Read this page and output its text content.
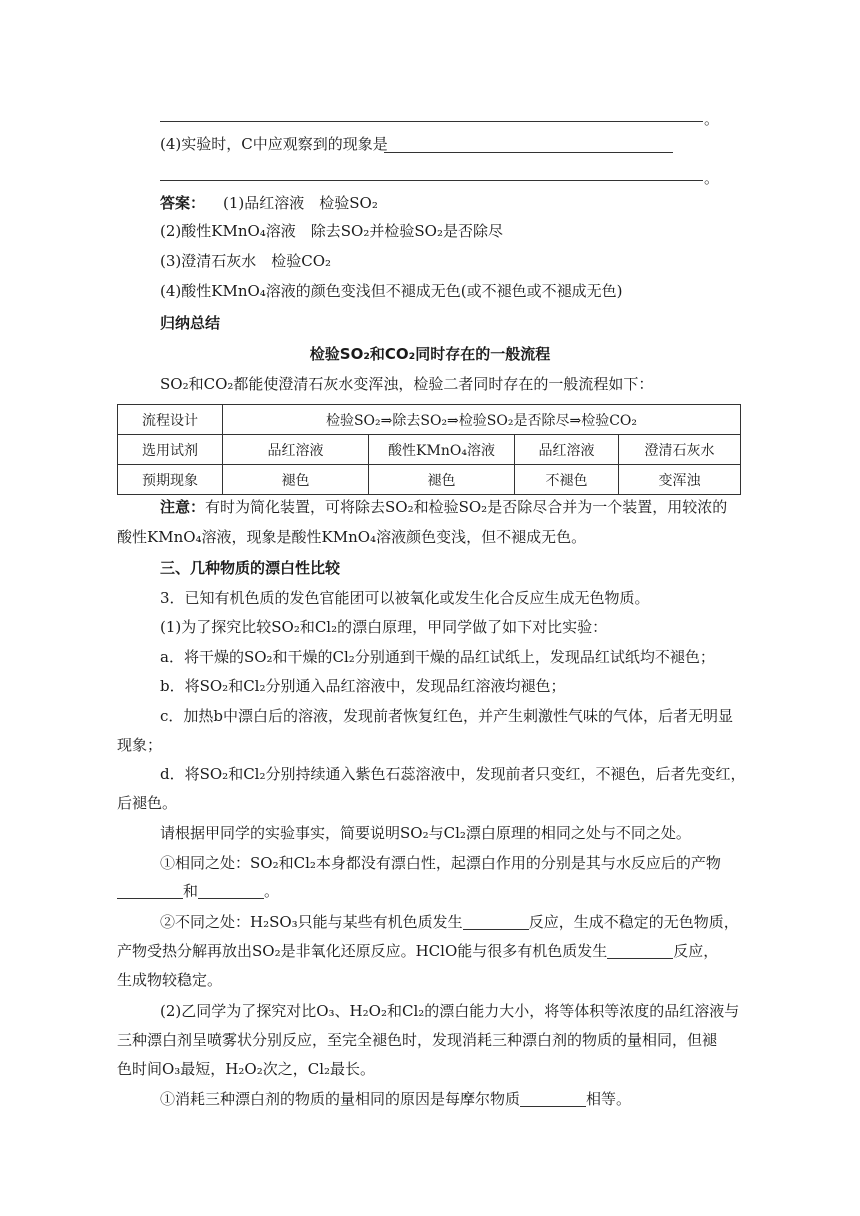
。
(4)实验时，C中应观察到的现象是
。
答案： (1)品红溶液　检验SO₂
(2)酸性KMnO₄溶液　除去SO₂并检验SO₂是否除尽
(3)澄清石灰水　检验CO₂
(4)酸性KMnO₄溶液的颜色变浅但不褪成无色(或不褪色或不褪成无色)
归纳总结
检验SO₂和CO₂同时存在的一般流程
SO₂和CO₂都能使澄清石灰水变浑浊，检验二者同时存在的一般流程如下：
流程设计	检验SO₂⇒除去SO₂⇒检验SO₂是否除尽⇒检验CO₂			
选用试剂	品红溶液	酸性KMnO₄溶液	品红溶液	澄清石灰水
预期现象	褪色	褪色	不褪色	变浑浊
注意：有时为简化装置，可将除去SO₂和检验SO₂是否除尽合并为一个装置，用较浓的
酸性KMnO₄溶液，现象是酸性KMnO₄溶液颜色变浅，但不褪成无色。
三、几种物质的漂白性比较
3．已知有机色质的发色官能团可以被氧化或发生化合反应生成无色物质。
(1)为了探究比较SO₂和Cl₂的漂白原理，甲同学做了如下对比实验：
a．将干燥的SO₂和干燥的Cl₂分别通到干燥的品红试纸上，发现品红试纸均不褪色；
b．将SO₂和Cl₂分别通入品红溶液中，发现品红溶液均褪色；
c．加热b中漂白后的溶液，发现前者恢复红色，并产生刺激性气味的气体，后者无明显
现象；
d．将SO₂和Cl₂分别持续通入紫色石蕊溶液中，发现前者只变红，不褪色，后者先变红，
后褪色。
请根据甲同学的实验事实，简要说明SO₂与Cl₂漂白原理的相同之处与不同之处。
①相同之处：SO₂和Cl₂本身都没有漂白性，起漂白作用的分别是其与水反应后的产物
和	。
②不同之处：H₂SO₃只能与某些有机色质发生	反应，生成不稳定的无色物质，
产物受热分解再放出SO₂是非氧化还原反应。HClO能与很多有机色质发生	反应，
生成物较稳定。
(2)乙同学为了探究对比O₃、H₂O₂和Cl₂的漂白能力大小，将等体积等浓度的品红溶液与
三种漂白剂呈喷雾状分别反应，至完全褪色时，发现消耗三种漂白剂的物质的量相同，但褪
色时间O₃最短，H₂O₂次之，Cl₂最长。
①消耗三种漂白剂的物质的量相同的原因是每摩尔物质	相等。
